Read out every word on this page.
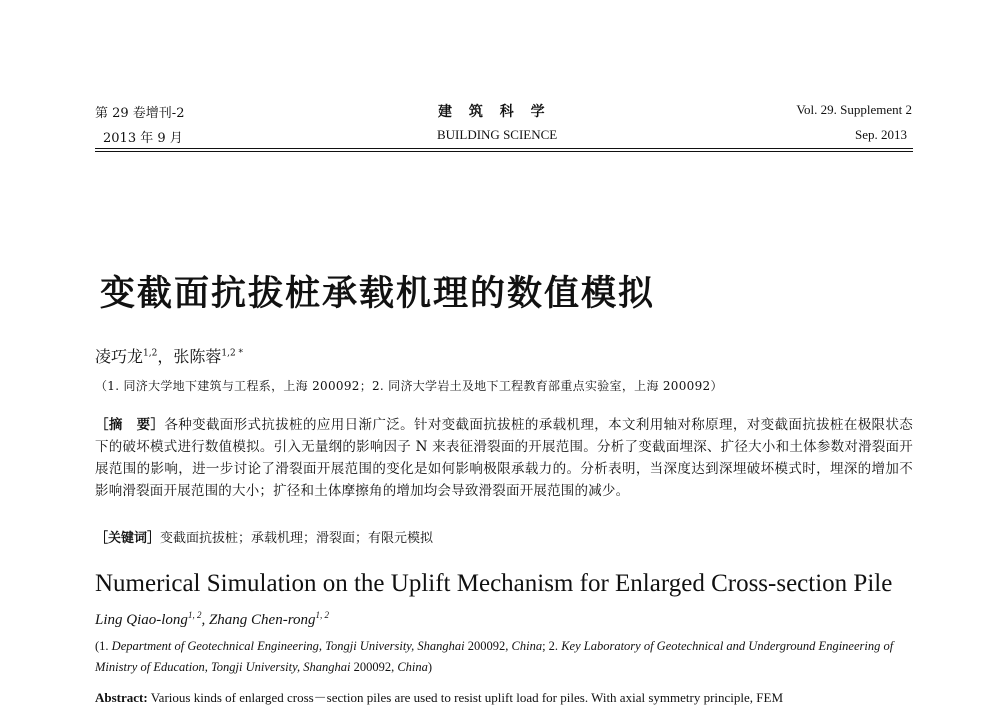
第 29 卷增刊-2
2013 年 9 月
建 筑 科 学
BUILDING SCIENCE
Vol. 29. Supplement 2
Sep. 2013
变截面抗拔桩承载机理的数值模拟
凌巧龙$^{1,2}$，张陈蓉$^{1,2 *}$
（1. 同济大学地下建筑与工程系，上海 200092；2. 同济大学岩土及地下工程教育部重点实验室，上海 200092）
［摘　要］各种变截面形式抗拔桩的应用日渐广泛。针对变截面抗拔桩的承载机理，本文利用轴对称原理，对变截面抗拔桩在极限状态下的破坏模式进行数值模拟。引入无量纲的影响因子 N 来表征滑裂面的开展范围。分析了变截面埋深、扩径大小和土体参数对滑裂面开展范围的影响，进一步讨论了滑裂面开展范围的变化是如何影响极限承载力的。分析表明，当深度达到深埋破坏模式时，埋深的增加不影响滑裂面开展范围的大小；扩径和土体摩擦角的增加均会导致滑裂面开展范围的减少。
［关键词］变截面抗拔桩；承载机理；滑裂面；有限元模拟
Numerical Simulation on the Uplift Mechanism for Enlarged Cross-section Pile
Ling Qiao-long$^{1, 2}$, Zhang Chen-rong$^{1, 2}$
(1. Department of Geotechnical Engineering, Tongji University, Shanghai 200092, China; 2. Key Laboratory of Geotechnical and Underground Engineering of Ministry of Education, Tongji University, Shanghai 200092, China)
Abstract: Various kinds of enlarged cross－section piles are used to resist uplift load for piles. With axial symmetry principle, FEM
